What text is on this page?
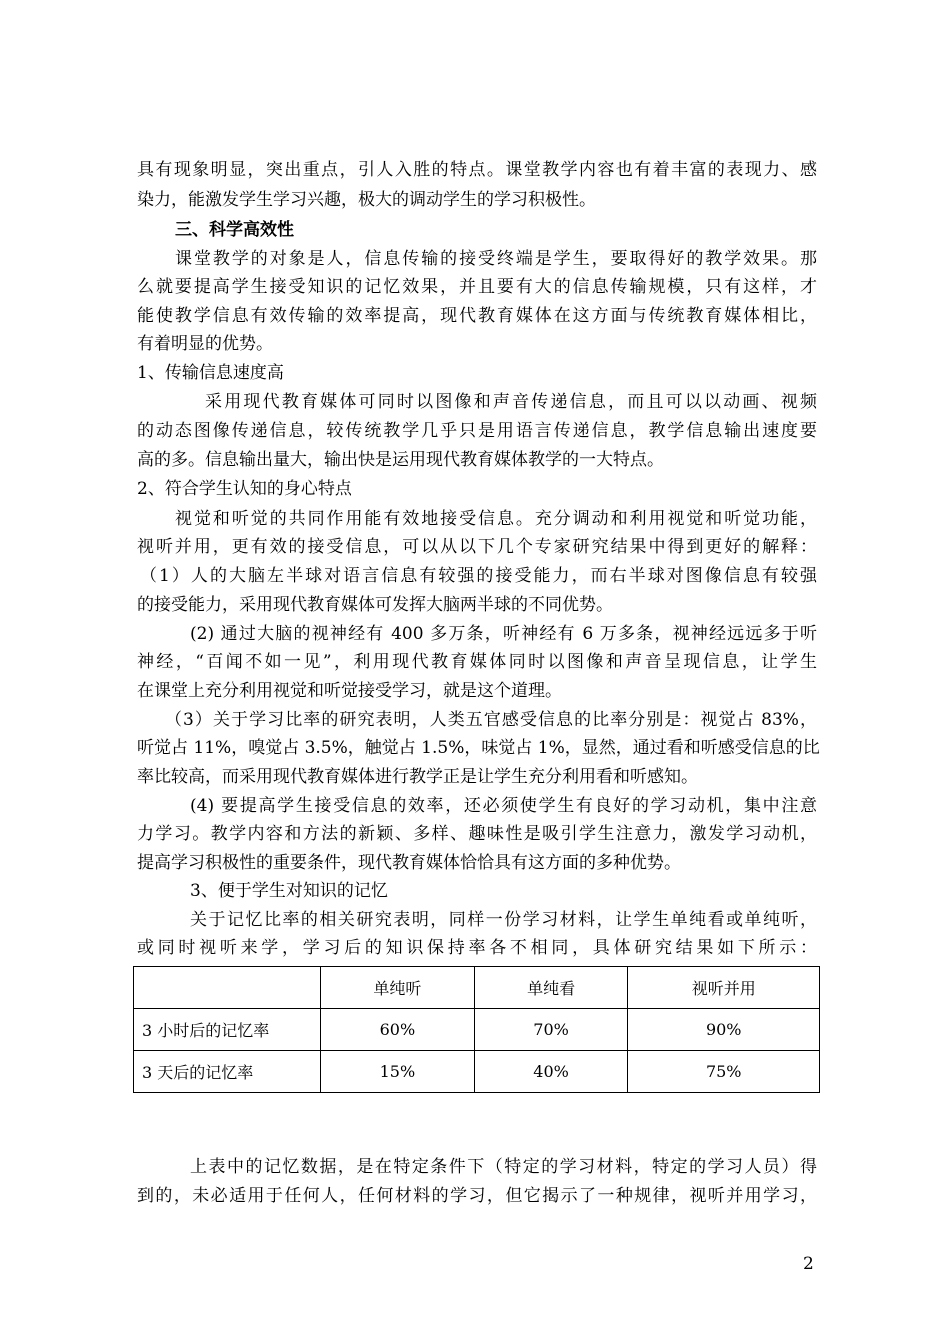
具有现象明显，突出重点，引人入胜的特点。课堂教学内容也有着丰富的表现力、感
染力，能激发学生学习兴趣，极大的调动学生的学习积极性。
三、科学高效性
课堂教学的对象是人，信息传输的接受终端是学生，要取得好的教学效果。那
么就要提高学生接受知识的记忆效果，并且要有大的信息传输规模，只有这样，才
能使教学信息有效传输的效率提高，现代教育媒体在这方面与传统教育媒体相比，
有着明显的优势。
1、传输信息速度高
采用现代教育媒体可同时以图像和声音传递信息，而且可以以动画、视频
的动态图像传递信息，较传统教学几乎只是用语言传递信息，教学信息输出速度要
高的多。信息输出量大，输出快是运用现代教育媒体教学的一大特点。
2、符合学生认知的身心特点
视觉和听觉的共同作用能有效地接受信息。充分调动和利用视觉和听觉功能，
视听并用，更有效的接受信息，可以从以下几个专家研究结果中得到更好的解释：
（1）人的大脑左半球对语言信息有较强的接受能力，而右半球对图像信息有较强
的接受能力，采用现代教育媒体可发挥大脑两半球的不同优势。
(2) 通过大脑的视神经有 400 多万条，听神经有 6 万多条，视神经远远多于听
神经，“百闻不如一见”，利用现代教育媒体同时以图像和声音呈现信息，让学生
在课堂上充分利用视觉和听觉接受学习，就是这个道理。
（3）关于学习比率的研究表明，人类五官感受信息的比率分别是：视觉占 83%，
听觉占 11%，嗅觉占 3.5%，触觉占 1.5%，味觉占 1%，显然，通过看和听感受信息的比
率比较高，而采用现代教育媒体进行教学正是让学生充分利用看和听感知。
(4) 要提高学生接受信息的效率，还必须使学生有良好的学习动机，集中注意
力学习。教学内容和方法的新颖、多样、趣味性是吸引学生注意力，激发学习动机，
提高学习积极性的重要条件，现代教育媒体恰恰具有这方面的多种优势。
3、便于学生对知识的记忆
关于记忆比率的相关研究表明，同样一份学习材料，让学生单纯看或单纯听，
或同时视听来学，学习后的知识保持率各不相同，具体研究结果如下所示：
	单纯听	单纯看	视听并用
3 小时后的记忆率	60%	70%	90%
3 天后的记忆率	15%	40%	75%
上表中的记忆数据，是在特定条件下（特定的学习材料，特定的学习人员）得
到的，未必适用于任何人，任何材料的学习，但它揭示了一种规律，视听并用学习，
2
